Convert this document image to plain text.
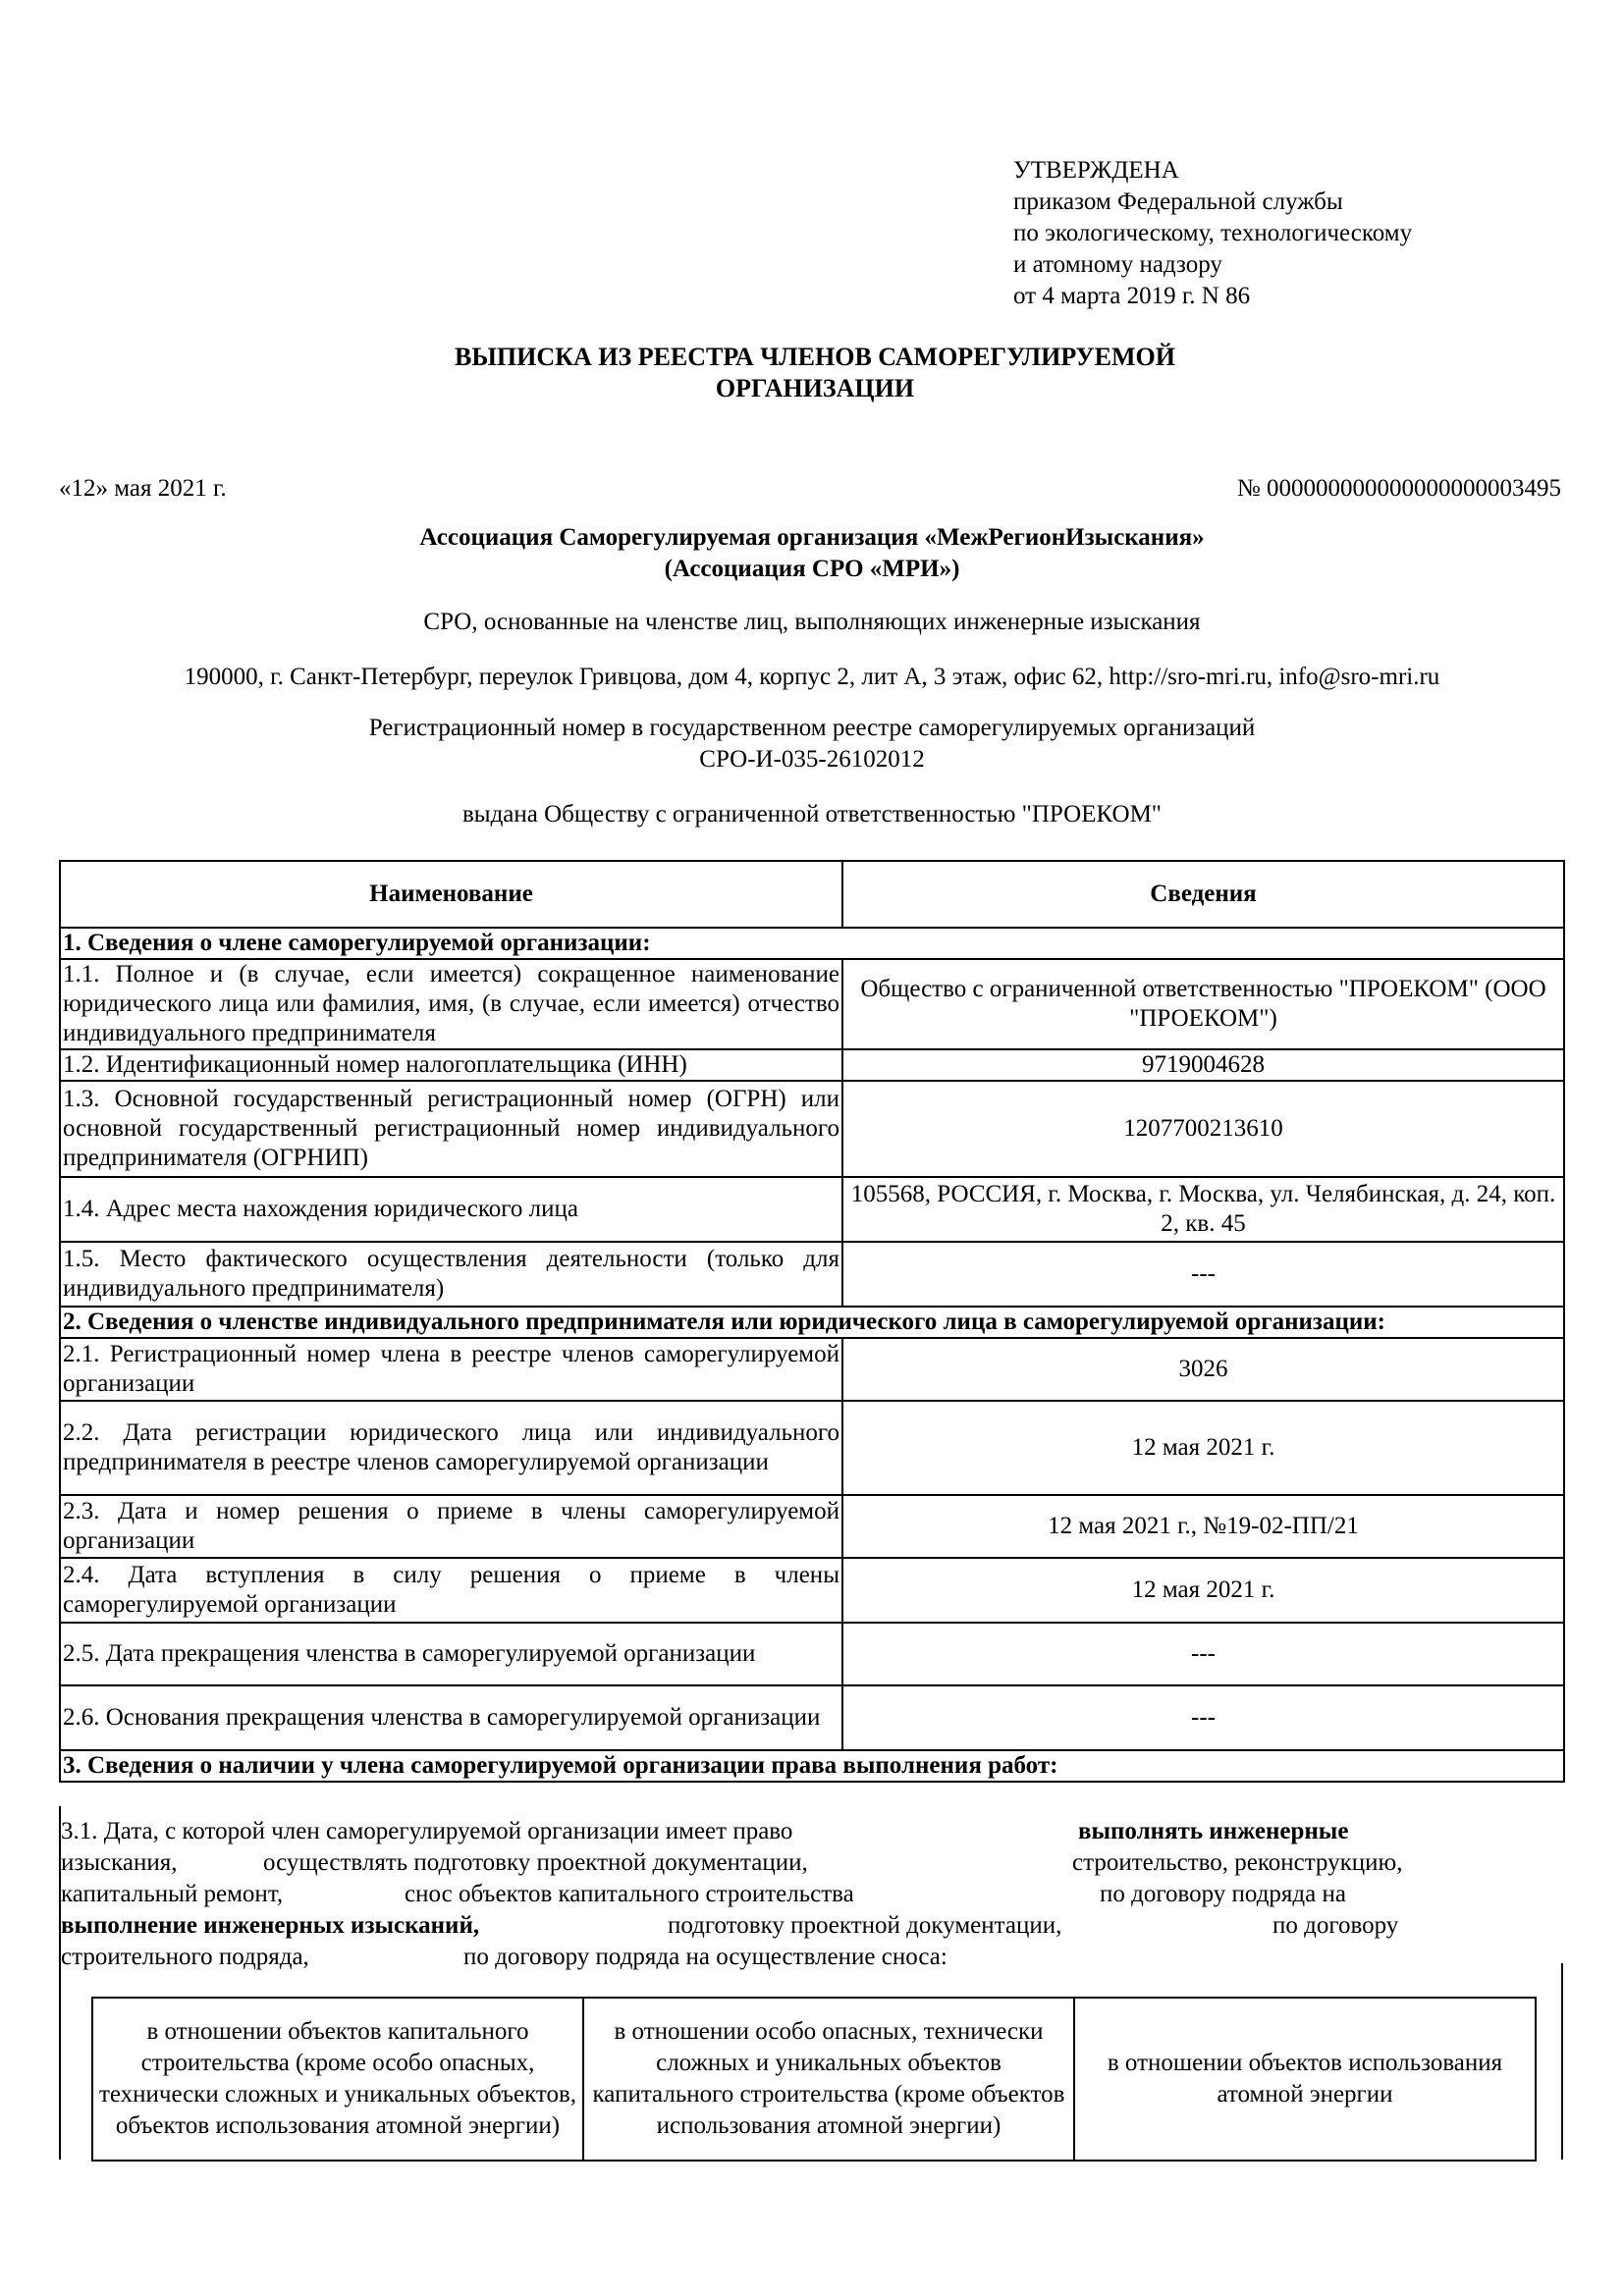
УТВЕРЖДЕНА
приказом Федеральной службы
по экологическому, технологическому
и атомному надзору
от 4 марта 2019 г. N 86
ВЫПИСКА ИЗ РЕЕСТРА ЧЛЕНОВ САМОРЕГУЛИРУЕМОЙ
ОРГАНИЗАЦИИ
«12» мая 2021 г.	№ 000000000000000000003495
Ассоциация Саморегулируемая организация «МежРегионИзыскания»
(Ассоциация СРО «МРИ»)
СРО, основанные на членстве лиц, выполняющих инженерные изыскания
190000, г. Санкт-Петербург, переулок Гривцова, дом 4, корпус 2, лит А, 3 этаж, офис 62, http://sro-mri.ru, info@sro-mri.ru
Регистрационный номер в государственном реестре саморегулируемых организаций
СРО-И-035-26102012
выдана Обществу с ограниченной ответственностью "ПРОЕКОМ"
Наименование	Сведения
1. Сведения о члене саморегулируемой организации:	
1.1. Полное и (в случае, если имеется) сокращенное наименование юридического лица или фамилия, имя, (в случае, если имеется) отчество индивидуального предпринимателя	Общество с ограниченной ответственностью "ПРОЕКОМ" (ООО "ПРОЕКОМ")
1.2. Идентификационный номер налогоплательщика (ИНН)	9719004628
1.3. Основной государственный регистрационный номер (ОГРН) или основной государственный регистрационный номер индивидуального предпринимателя (ОГРНИП)	1207700213610
1.4. Адрес места нахождения юридического лица	105568, РОССИЯ, г. Москва, г. Москва, ул. Челябинская, д. 24, коп. 2, кв. 45
1.5. Место фактического осуществления деятельности (только для индивидуального предпринимателя)	---
2. Сведения о членстве индивидуального предпринимателя или юридического лица в саморегулируемой организации:	
2.1. Регистрационный номер члена в реестре членов саморегулируемой организации	3026
2.2. Дата регистрации юридического лица или индивидуального предпринимателя в реестре членов саморегулируемой организации	12 мая 2021 г.
2.3. Дата и номер решения о приеме в члены саморегулируемой организации	12 мая 2021 г., №19-02-ПП/21
2.4. Дата вступления в силу решения о приеме в члены саморегулируемой организации	12 мая 2021 г.
2.5. Дата прекращения членства в саморегулируемой организации	---
2.6. Основания прекращения членства в саморегулируемой организации	---
3. Сведения о наличии у члена саморегулируемой организации права выполнения работ:	
3.1. Дата, с которой член саморегулируемой организации имеет право	выполнять инженерные
изыскания,	осуществлять подготовку проектной документации,	строительство, реконструкцию,
капитальный ремонт,	снос объектов капитального строительства	по договору подряда на
выполнение инженерных изысканий,	подготовку проектной документации,	по договору
строительного подряда,	по договору подряда на осуществление сноса:
в отношении объектов капитального строительства (кроме особо опасных, технически сложных и уникальных объектов, объектов использования атомной энергии)	в отношении особо опасных, технически сложных и уникальных объектов капитального строительства (кроме объектов использования атомной энергии)	в отношении объектов использования атомной энергии
